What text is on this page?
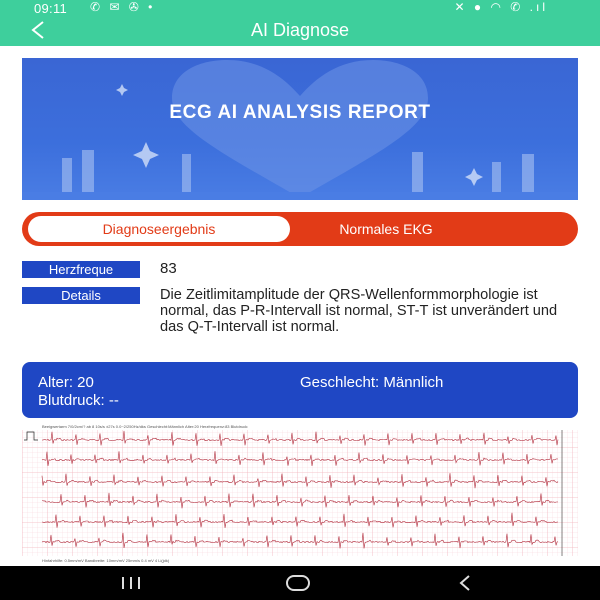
09:11 ✆ ✉ ✇ •	✕ ● ◠ ✆ .ıl
AI Diagnose
ECG AI ANALYSIS REPORT
Diagnoseergebnis	Normales EKG
Herzfreque	83
Details	Die Zeitlimitamplitude der QRS-Wellenformmorphologie ist normal, das P-R-Intervall ist normal, ST-T ist unverändert und das Q-T-Intervall ist normal.
Alter: 20	Geschlecht: Männlich
Blutdruck: --
Beeigwertarm 7/0/2cm/? ab 8 10s/s ±27s 0.0~2/250Hz/dks Geschlecht:Männlich Alter:20 Herzfrequenz:83 Blutdruck:
Hinfahrhilfe: 0.5mm/mV Bandbreite: 10mm/mV 25mm/s 0.4 mV 4 Li(jdk)
